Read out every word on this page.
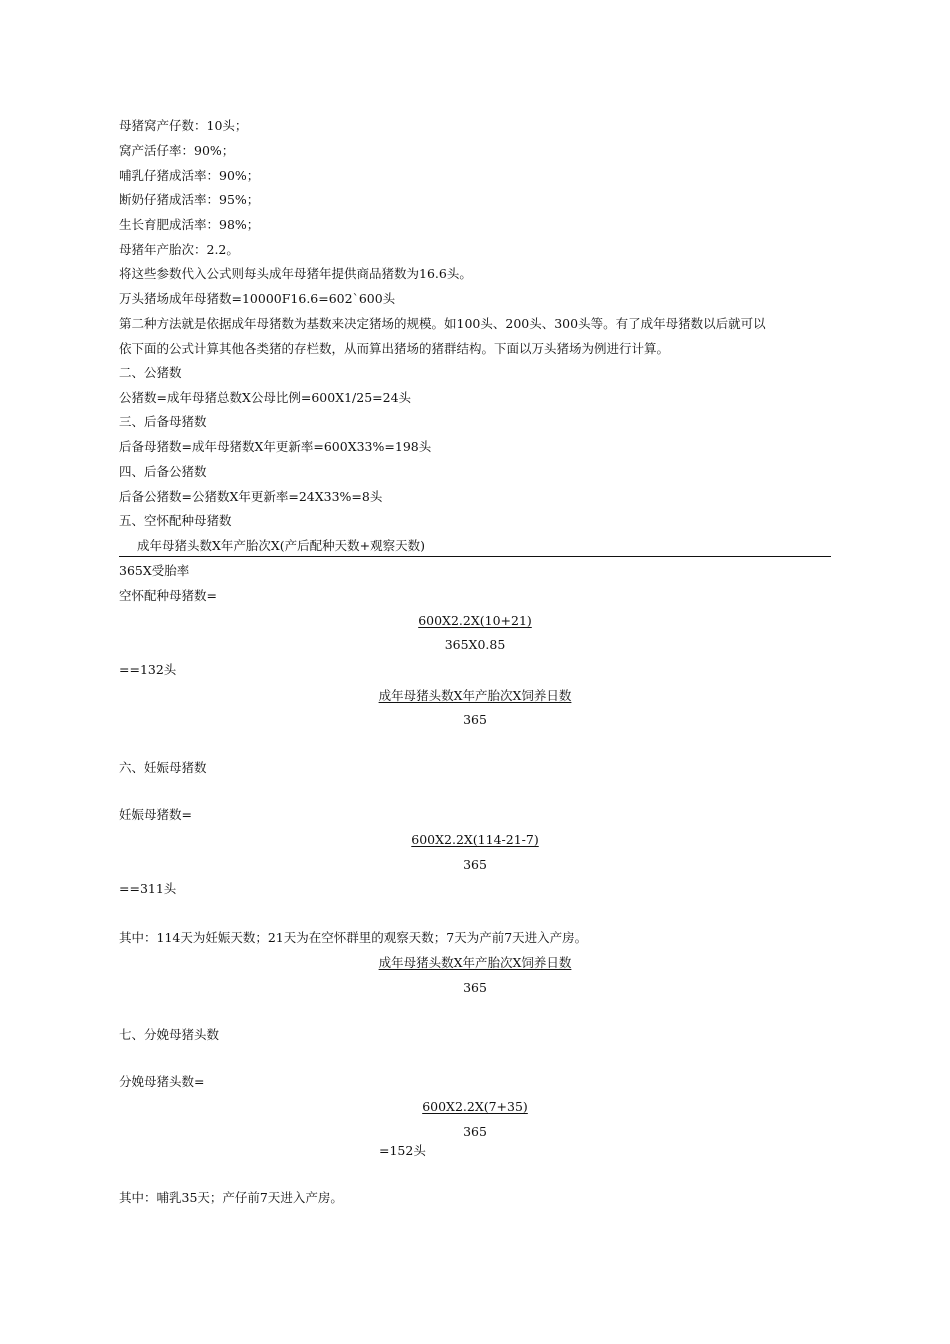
母猪窝产仔数：10头；
窝产活仔率：90%；
哺乳仔猪成活率：90%；
断奶仔猪成活率：95%；
生长育肥成活率：98%；
母猪年产胎次：2.2。
将这些参数代入公式则每头成年母猪年提供商品猪数为16.6头。
万头猪场成年母猪数=10000F16.6=602`600头
第二种方法就是依据成年母猪数为基数来决定猪场的规模。如100头、200头、300头等。有了成年母猪数以后就可以
依下面的公式计算其他各类猪的存栏数，从而算出猪场的猪群结构。下面以万头猪场为例进行计算。
二、公猪数
公猪数=成年母猪总数X公母比例=600X1/25=24头
三、后备母猪数
后备母猪数=成年母猪数X年更新率=600X33%=198头
四、后备公猪数
后备公猪数=公猪数X年更新率=24X33%=8头
五、空怀配种母猪数
成年母猪头数X年产胎次X(产后配种天数+观察天数)
365X受胎率
空怀配种母猪数=
600X2.2X(10+21)
365X0.85
==132头
成年母猪头数X年产胎次X饲养日数
365
六、妊娠母猪数
妊娠母猪数=
600X2.2X(114-21-7)
365
==311头
其中：114天为妊娠天数；21天为在空怀群里的观察天数；7天为产前7天进入产房。
成年母猪头数X年产胎次X饲养日数
365
七、分娩母猪头数
分娩母猪头数=
600X2.2X(7+35)
365
=152头
其中：哺乳35天；产仔前7天进入产房。
